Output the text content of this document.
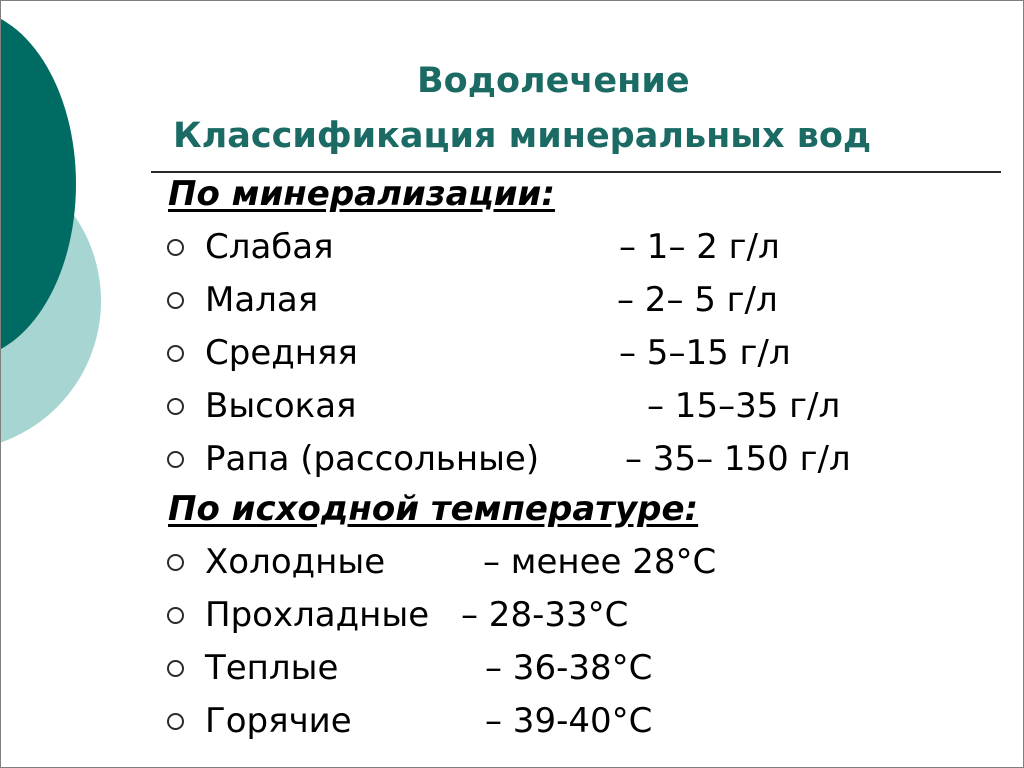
Водолечение
Классификация минеральных вод
По минерализации:
Слабая	– 1– 2 г/л
Малая	– 2– 5 г/л
Средняя	– 5–15 г/л
Высокая	– 15–35 г/л
Рапа (рассольные)	– 35– 150 г/л
По исходной температуре:
Холодные	– менее 28°С
Прохладные – 28-33°С
Теплые	– 36-38°С
Горячие	– 39-40°С
